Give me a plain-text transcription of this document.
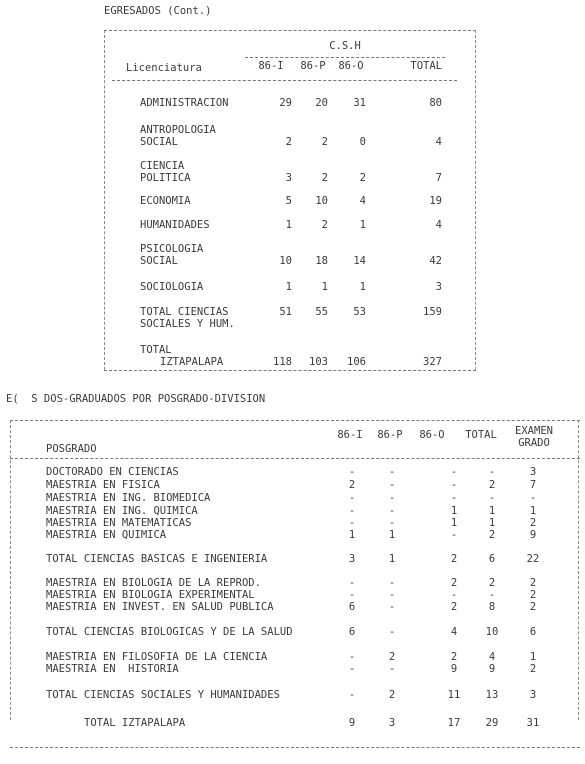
EGRESADOS (Cont.)
C.S.H
Licenciatura	86-I	86-P	86-O	TOTAL
ADMINISTRACION	29	20	31	80
ANTROPOLOGIA
SOCIAL	2	2	0	4
CIENCIA
POLITICA	3	2	2	7
ECONOMIA	5	10	4	19
HUMANIDADES	1	2	1	4
PSICOLOGIA
SOCIAL	10	18	14	42
SOCIOLOGIA	1	1	1	3
TOTAL CIENCIAS
SOCIALES Y HUM.
51	55	53	159
TOTAL
IZTAPALAPA	118	103	106	327
E(  S DOS-GRADUADOS POR POSGRADO-DIVISION
POSGRADO
86-I	86-P	86-O	TOTAL	EXAMEN
GRADO
DOCTORADO EN CIENCIAS	-	-	-	-	3
MAESTRIA EN FISICA	2	-	-	2	7
MAESTRIA EN ING. BIOMEDICA	-	-	-	-	-
MAESTRIA EN ING. QUIMICA	-	-	1	1	1
MAESTRIA EN MATEMATICAS	-	-	1	1	2
MAESTRIA EN QUIMICA	1	1	-	2	9
TOTAL CIENCIAS BASICAS E INGENIERIA	3	1	2	6	22
MAESTRIA EN BIOLOGIA DE LA REPROD.	-	-	2	2	2
MAESTRIA EN BIOLOGIA EXPERIMENTAL	-	-	-	-	2
MAESTRIA EN INVEST. EN SALUD PUBLICA	6	-	2	8	2
TOTAL CIENCIAS BIOLOGICAS Y DE LA SALUD	6	-	4	10	6
MAESTRIA EN FILOSOFIA DE LA CIENCIA	-	2	2	4	1
MAESTRIA EN  HISTORIA	-	-	9	9	2
TOTAL CIENCIAS SOCIALES Y HUMANIDADES	-	2	11	13	3
TOTAL IZTAPALAPA	9	3	17	29	31
